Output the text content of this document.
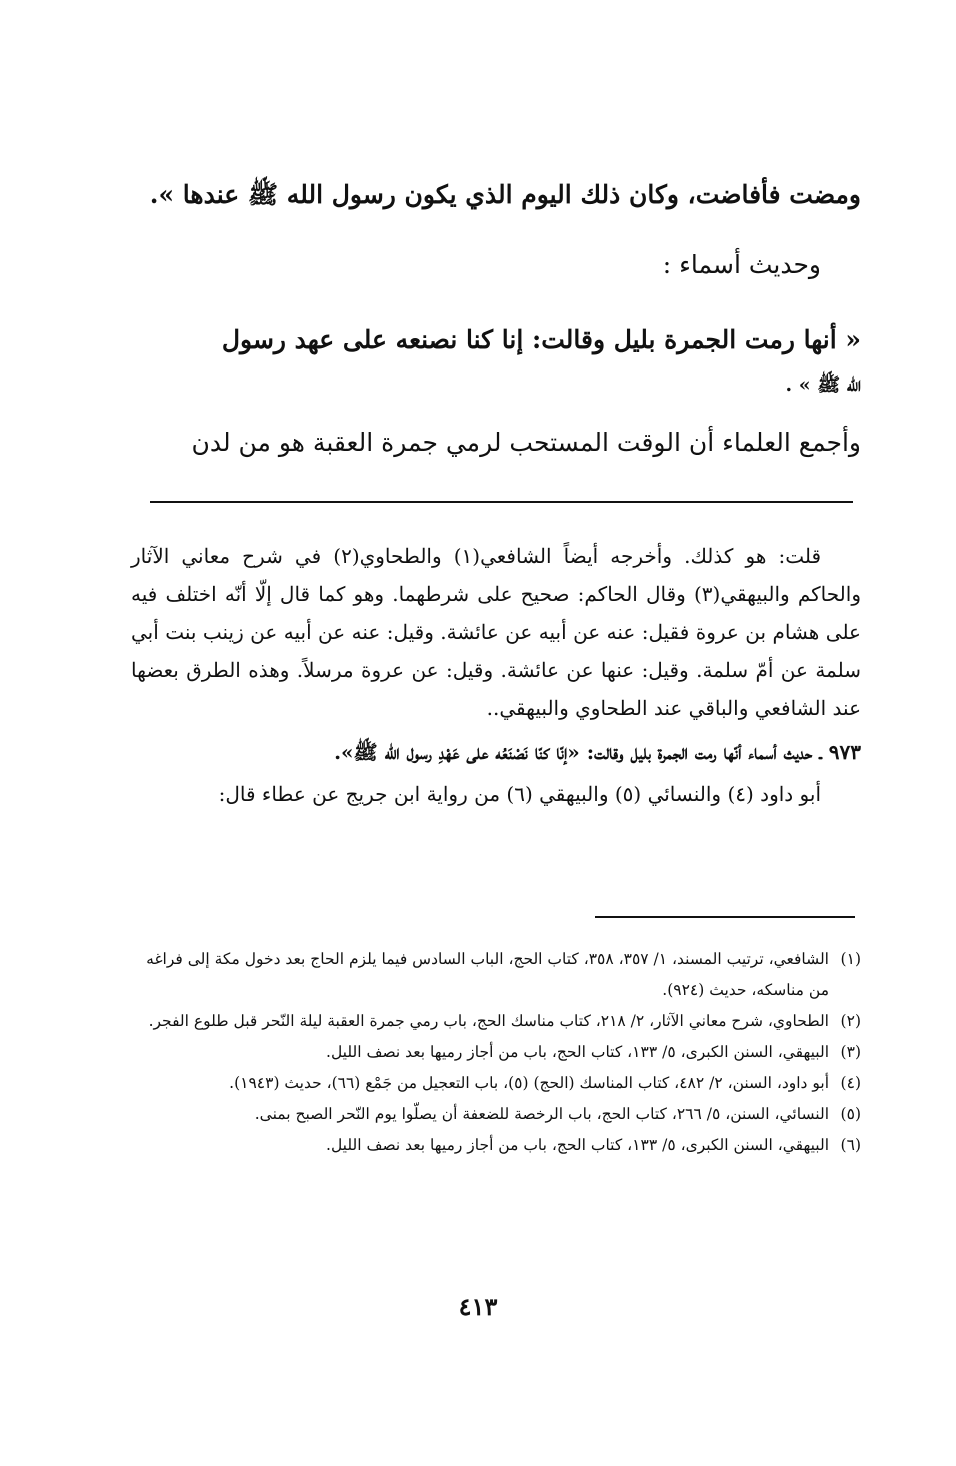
ومضت فأفاضت، وكان ذلك اليوم الذي يكون رسول الله ﷺ عندها ».

وحديث أسماء :

« أنها رمت الجمرة بليل وقالت: إنا كنا نصنعه على عهد رسول

الله ﷺ » .

وأجمع العلماء أن الوقت المستحب لرمي جمرة العقبة هو من لدن

قلت: هو كذلك. وأخرجه أيضاً الشافعي(١) والطحاوي(٢) في شرح معاني الآثار والحاكم والبيهقي(٣) وقال الحاكم: صحيح على شرطهما. وهو كما قال إلّا أنّه اختلف فيه على هشام بن عروة فقيل: عنه عن أبيه عن عائشة. وقيل: عنه عن أبيه عن زينب بنت أبي سلمة عن أمّ سلمة. وقيل: عنها عن عائشة. وقيل: عن عروة مرسلاً. وهذه الطرق بعضها عند الشافعي والباقي عند الطحاوي والبيهقي..

٩٧٣ ـ حديث أسماء أنّها رمت الجمرة بليل وقالت: «إنّا كنّا نَصْنَعُه على عَهْدِ رسول الله ﷺ».

أبو داود (٤) والنسائي (٥) والبيهقي (٦) من رواية ابن جريج عن عطاء قال:

(١)
الشافعي، ترتيب المسند، ١/ ٣٥٧، ٣٥٨، كتاب الحج، الباب السادس فيما يلزم الحاج بعد دخول مكة إلى فراغه من مناسكه، حديث (٩٢٤).
(٢)
الطحاوي، شرح معاني الآثار، ٢/ ٢١٨، كتاب مناسك الحج، باب رمي جمرة العقبة ليلة النّحر قبل طلوع الفجر.
(٣)
البيهقي، السنن الكبرى، ٥/ ١٣٣، كتاب الحج، باب من أجاز رميها بعد نصف الليل.
(٤)
أبو داود، السنن، ٢/ ٤٨٢، كتاب المناسك (الحج) (٥)، باب التعجيل من جَمْع (٦٦)، حديث (١٩٤٣).
(٥)
النسائي، السنن، ٥/ ٢٦٦، كتاب الحج، باب الرخصة للضعفة أن يصلّوا يوم النّحر الصبح بمنى.
(٦)
البيهقي، السنن الكبرى، ٥/ ١٣٣، كتاب الحج، باب من أجاز رميها بعد نصف الليل.
٤١٣
